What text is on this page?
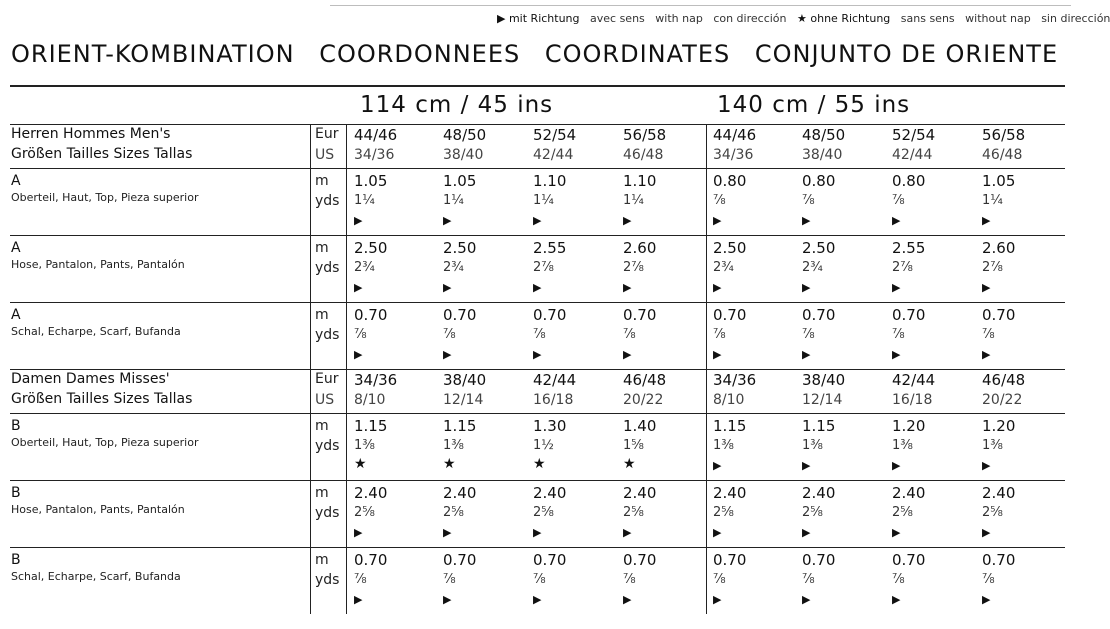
▶ mit Richtung avec sens with nap con dirección ★ ohne Richtung sans sens without nap sin dirección
ORIENT-KOMBINATION COORDONNEES COORDINATES CONJUNTO DE ORIENTE
114 cm / 45 ins	140 cm / 55 ins
Herren Hommes Men's
Größen Tailles Sizes Tallas
Eur
US
44/46
34/36
48/50
38/40
52/54
42/44
56/58
46/48
44/46
34/36
48/50
38/40
52/54
42/44
56/58
46/48
A
Oberteil, Haut, Top, Pieza superior
m
yds
1.05
1¼
▶
1.05
1¼
▶
1.10
1¼
▶
1.10
1¼
▶
0.80
⅞
▶
0.80
⅞
▶
0.80
⅞
▶
1.05
1¼
▶
A
Hose, Pantalon, Pants, Pantalón
m
yds
2.50
2¾
▶
2.50
2¾
▶
2.55
2⅞
▶
2.60
2⅞
▶
2.50
2¾
▶
2.50
2¾
▶
2.55
2⅞
▶
2.60
2⅞
▶
A
Schal, Echarpe, Scarf, Bufanda
m
yds
0.70
⅞
▶
0.70
⅞
▶
0.70
⅞
▶
0.70
⅞
▶
0.70
⅞
▶
0.70
⅞
▶
0.70
⅞
▶
0.70
⅞
▶
Damen Dames Misses'
Größen Tailles Sizes Tallas
Eur
US
34/36
8/10
38/40
12/14
42/44
16/18
46/48
20/22
34/36
8/10
38/40
12/14
42/44
16/18
46/48
20/22
B
Oberteil, Haut, Top, Pieza superior
m
yds
1.15
1⅜
★
1.15
1⅜
★
1.30
1½
★
1.40
1⅝
★
1.15
1⅜
▶
1.15
1⅜
▶
1.20
1⅜
▶
1.20
1⅜
▶
B
Hose, Pantalon, Pants, Pantalón
m
yds
2.40
2⅝
▶
2.40
2⅝
▶
2.40
2⅝
▶
2.40
2⅝
▶
2.40
2⅝
▶
2.40
2⅝
▶
2.40
2⅝
▶
2.40
2⅝
▶
B
Schal, Echarpe, Scarf, Bufanda
m
yds
0.70
⅞
▶
0.70
⅞
▶
0.70
⅞
▶
0.70
⅞
▶
0.70
⅞
▶
0.70
⅞
▶
0.70
⅞
▶
0.70
⅞
▶
